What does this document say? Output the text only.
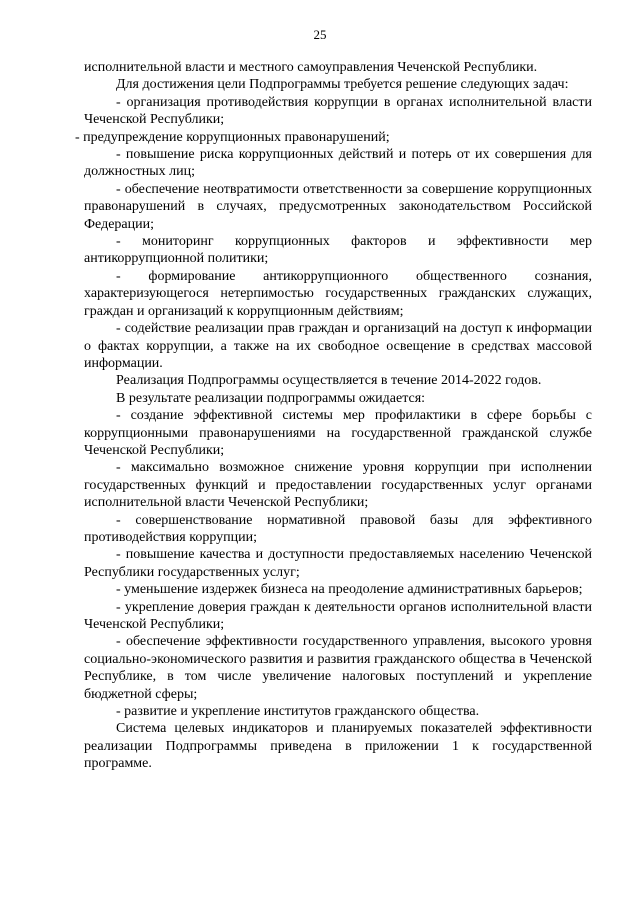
25

исполнительной власти и местного самоуправления Чеченской Республики.

Для достижения цели Подпрограммы требуется решение следующих задач:

- организация противодействия коррупции в органах исполнительной власти Чеченской Республики;

- предупреждение коррупционных правонарушений;

- повышение риска коррупционных действий и потерь от их совершения для должностных лиц;

- обеспечение неотвратимости ответственности за совершение коррупционных правонарушений в случаях, предусмотренных законодательством Российской Федерации;

- мониторинг коррупционных факторов и эффективности мер антикоррупционной политики;

- формирование антикоррупционного общественного сознания, характеризующегося нетерпимостью государственных гражданских служащих, граждан и организаций к коррупционным действиям;

- содействие реализации прав граждан и организаций на доступ к информации о фактах коррупции, а также на их свободное освещение в средствах массовой информации.

Реализация Подпрограммы осуществляется в течение 2014-2022 годов.

В результате реализации подпрограммы ожидается:

- создание эффективной системы мер профилактики в сфере борьбы с коррупционными правонарушениями на государственной гражданской службе Чеченской Республики;

- максимально возможное снижение уровня коррупции при исполнении государственных функций и предоставлении государственных услуг органами исполнительной власти Чеченской Республики;

- совершенствование нормативной правовой базы для эффективного противодействия коррупции;

- повышение качества и доступности предоставляемых населению Чеченской Республики государственных услуг;

- уменьшение издержек бизнеса на преодоление административных барьеров;

- укрепление доверия граждан к деятельности органов исполнительной власти Чеченской Республики;

- обеспечение эффективности государственного управления, высокого уровня социально-экономического развития и развития гражданского общества в Чеченской Республике, в том числе увеличение налоговых поступлений и укрепление бюджетной сферы;

- развитие и укрепление институтов гражданского общества.

Система целевых индикаторов и планируемых показателей эффективности реализации Подпрограммы приведена в приложении 1 к государственной программе.
